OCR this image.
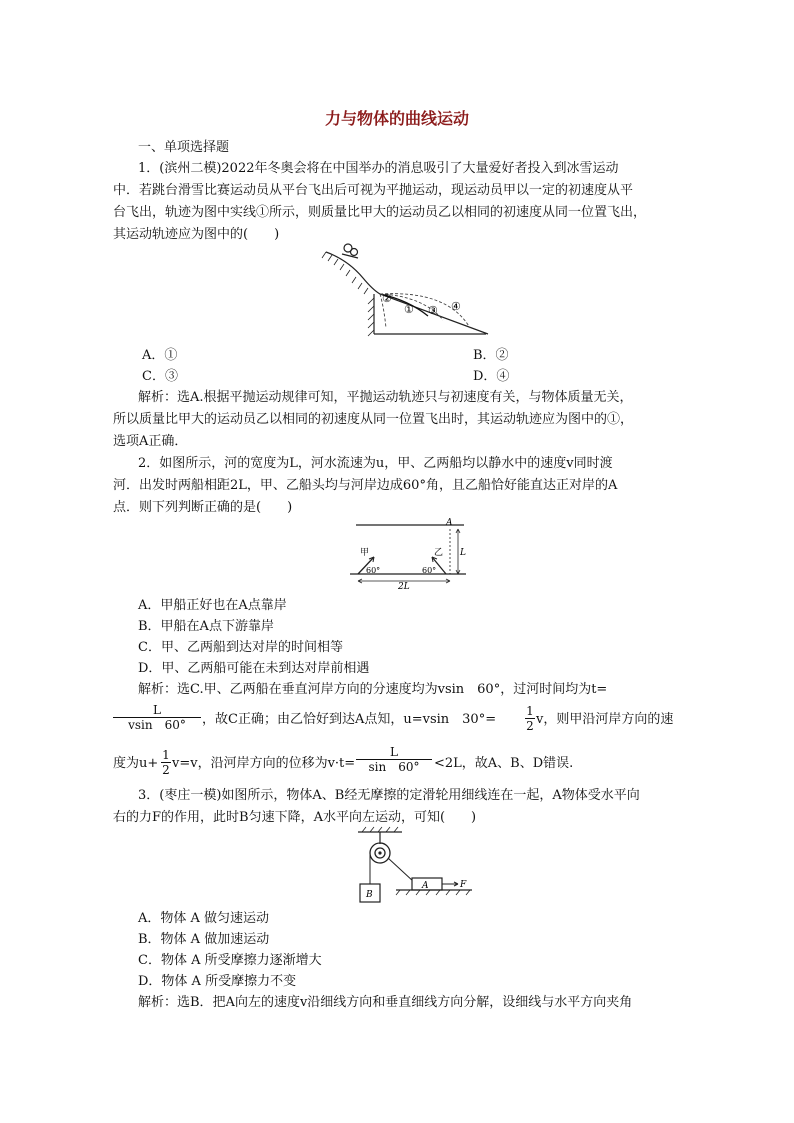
力与物体的曲线运动
一、单项选择题
1．(滨州二模)2022年冬奥会将在中国举办的消息吸引了大量爱好者投入到冰雪运动
中．若跳台滑雪比赛运动员从平台飞出后可视为平抛运动，现运动员甲以一定的初速度从平
台飞出，轨迹为图中实线①所示，则质量比甲大的运动员乙以相同的初速度从同一位置飞出，
其运动轨迹应为图中的(　　)
②
① ③ ④
A．①	B．②
C．③	D．④
解析：选A.根据平抛运动规律可知，平抛运动轨迹只与初速度有关，与物体质量无关，
所以质量比甲大的运动员乙以相同的初速度从同一位置飞出时，其运动轨迹应为图中的①，
选项A正确．
2．如图所示，河的宽度为L，河水流速为u，甲、乙两船均以静水中的速度v同时渡
河．出发时两船相距2L，甲、乙船头均与河岸边成60°角，且乙船恰好能直达正对岸的A
点．则下列判断正确的是(　　)
A
L
甲
60°
乙
60°
2L
A．甲船正好也在A点靠岸
B．甲船在A点下游靠岸
C．甲、乙两船到达对岸的时间相等
D．甲、乙两船可能在未到达对岸前相遇
解析：选C.甲、乙两船在垂直河岸方向的分速度均为vsin　60°，过河时间均为t=
L
vsin　60°	，故C正确；由乙恰好到达A点知，u=vsin　30°=
1
2 v，则甲沿河岸方向的速
度为u+
1
2 v=v，沿河岸方向的位移为v·t=
L
sin　60°	<2L，故A、B、D错误.
3．(枣庄一模)如图所示，物体A、B经无摩擦的定滑轮用细线连在一起，A物体受水平向
右的力F的作用，此时B匀速下降，A水平向左运动，可知(　　)
B
A	F
A．物体 A 做匀速运动
B．物体 A 做加速运动
C．物体 A 所受摩擦力逐渐增大
D．物体 A 所受摩擦力不变
解析：选B．把A向左的速度v沿细线方向和垂直细线方向分解，设细线与水平方向夹角
